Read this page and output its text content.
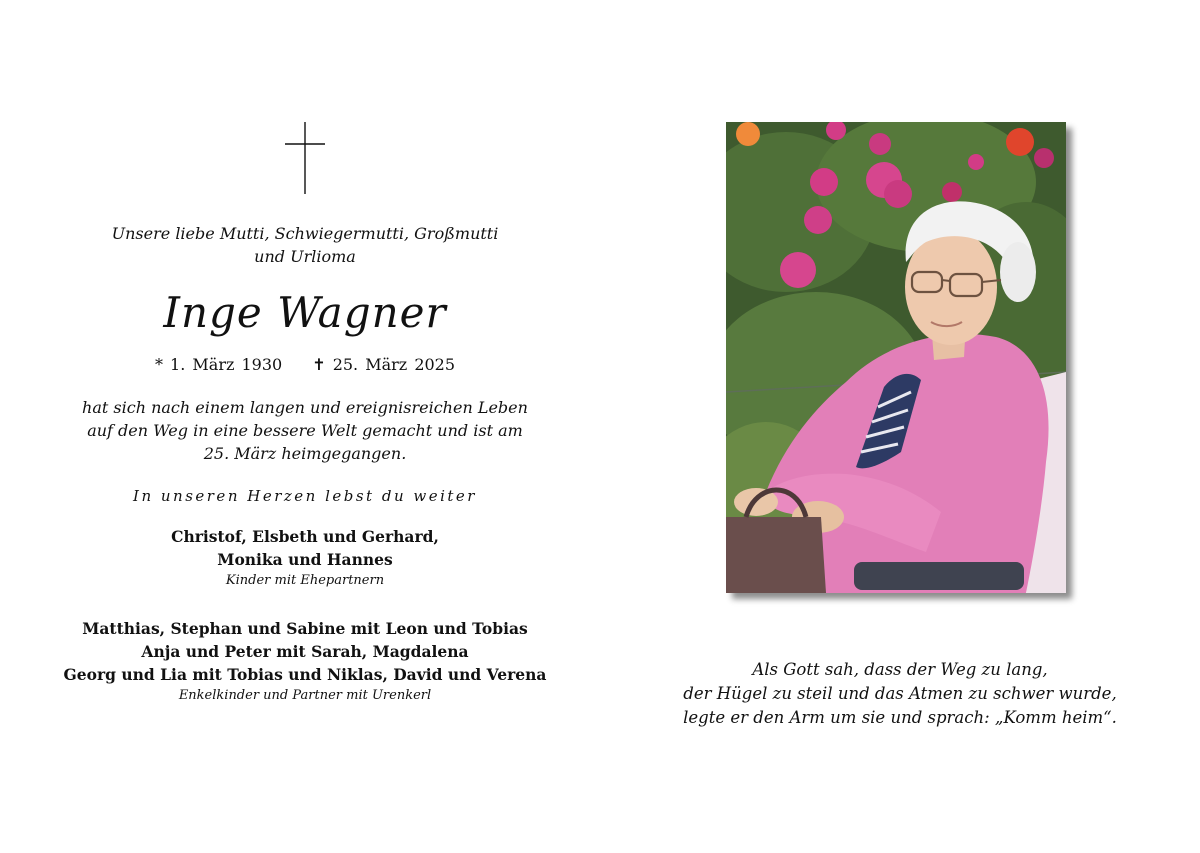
Unsere liebe Mutti, Schwiegermutti, Großmutti
und Urlioma
Inge Wagner
* 1. März 1930 ✝ 25. März 2025
hat sich nach einem langen und ereignisreichen Leben
auf den Weg in eine bessere Welt gemacht und ist am
25. März heimgegangen.
In unseren Herzen lebst du weiter
Christof, Elsbeth und Gerhard,
Monika und Hannes
Kinder mit Ehepartnern
Matthias, Stephan und Sabine mit Leon und Tobias
Anja und Peter mit Sarah, Magdalena
Georg und Lia mit Tobias und Niklas, David und Verena
Enkelkinder und Partner mit Urenkerl
Als Gott sah, dass der Weg zu lang,
der Hügel zu steil und das Atmen zu schwer wurde,
legte er den Arm um sie und sprach: „Komm heim“.
